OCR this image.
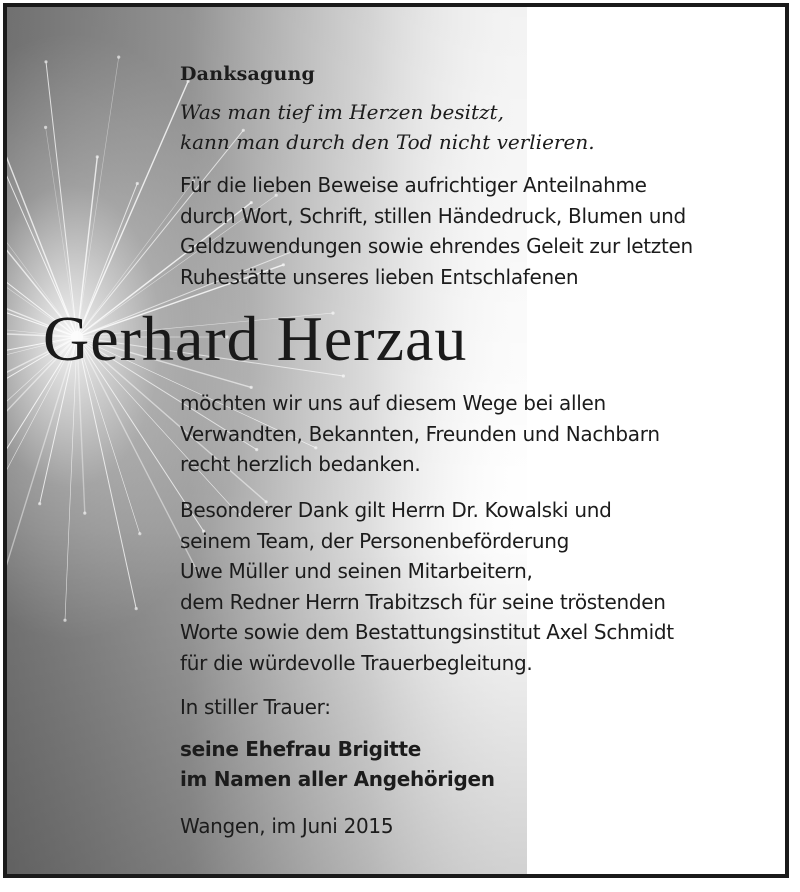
Danksagung
Was man tief im Herzen besitzt,
kann man durch den Tod nicht verlieren.
Für die lieben Beweise aufrichtiger Anteilnahme
durch Wort, Schrift, stillen Händedruck, Blumen und
Geldzuwendungen sowie ehrendes Geleit zur letzten
Ruhestätte unseres lieben Entschlafenen
Gerhard Herzau
möchten wir uns auf diesem Wege bei allen
Verwandten, Bekannten, Freunden und Nachbarn
recht herzlich bedanken.
Besonderer Dank gilt Herrn Dr. Kowalski und
seinem Team, der Personenbeförderung
Uwe Müller und seinen Mitarbeitern,
dem Redner Herrn Trabitzsch für seine tröstenden
Worte sowie dem Bestattungsinstitut Axel Schmidt
für die würdevolle Trauerbegleitung.
In stiller Trauer:
seine Ehefrau Brigitte
im Namen aller Angehörigen
Wangen, im Juni 2015
